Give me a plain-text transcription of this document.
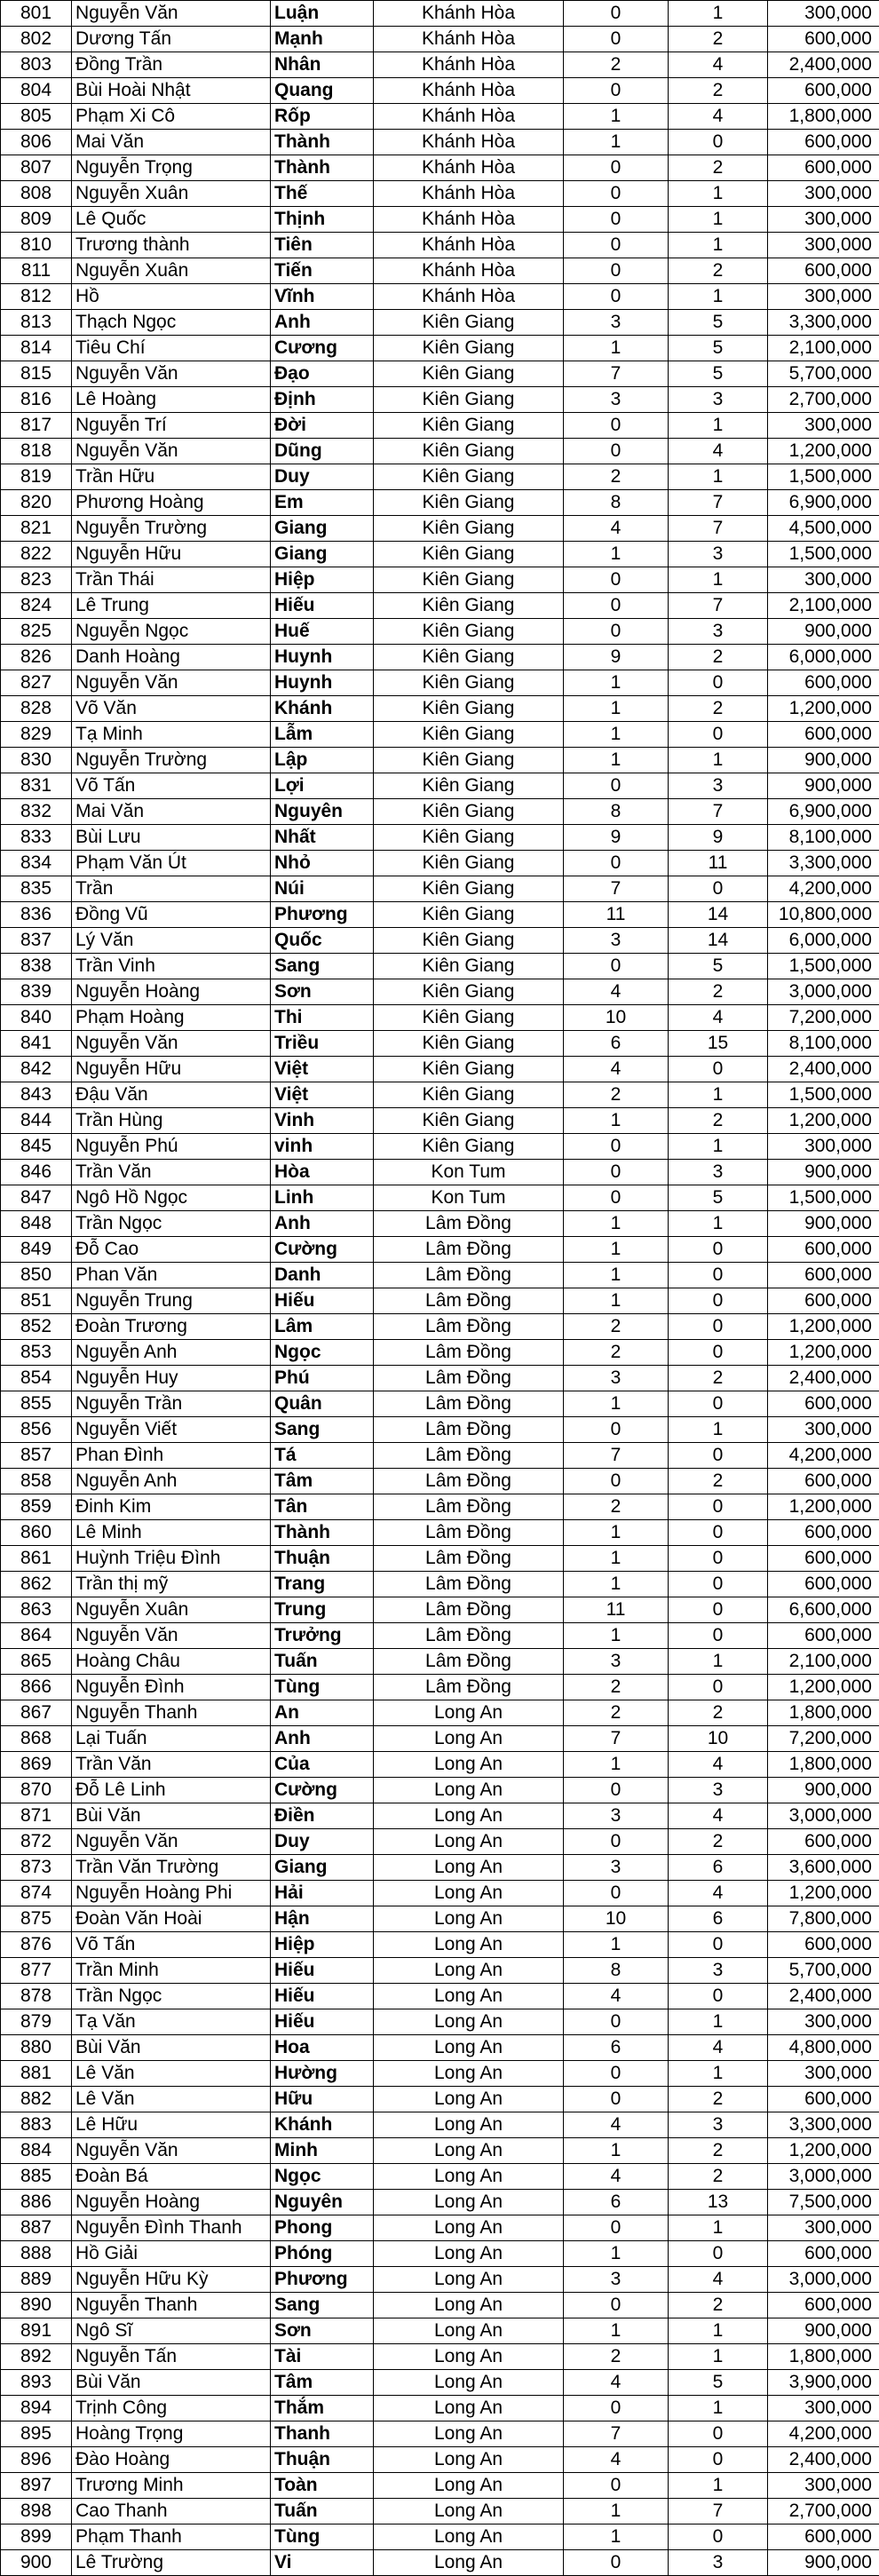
801	Nguyễn Văn	Luận	Khánh Hòa	0	1	300,000
802	Dương Tấn	Mạnh	Khánh Hòa	0	2	600,000
803	Đồng Trần	Nhân	Khánh Hòa	2	4	2,400,000
804	Bùi Hoài Nhật	Quang	Khánh Hòa	0	2	600,000
805	Phạm Xi Cô	Rốp	Khánh Hòa	1	4	1,800,000
806	Mai Văn	Thành	Khánh Hòa	1	0	600,000
807	Nguyễn Trọng	Thành	Khánh Hòa	0	2	600,000
808	Nguyễn Xuân	Thế	Khánh Hòa	0	1	300,000
809	Lê Quốc	Thịnh	Khánh Hòa	0	1	300,000
810	Trương thành	Tiên	Khánh Hòa	0	1	300,000
811	Nguyễn Xuân	Tiến	Khánh Hòa	0	2	600,000
812	Hồ	Vĩnh	Khánh Hòa	0	1	300,000
813	Thạch Ngọc	Anh	Kiên Giang	3	5	3,300,000
814	Tiêu Chí	Cương	Kiên Giang	1	5	2,100,000
815	Nguyễn Văn	Đạo	Kiên Giang	7	5	5,700,000
816	Lê Hoàng	Định	Kiên Giang	3	3	2,700,000
817	Nguyễn Trí	Đời	Kiên Giang	0	1	300,000
818	Nguyễn Văn	Dũng	Kiên Giang	0	4	1,200,000
819	Trần Hữu	Duy	Kiên Giang	2	1	1,500,000
820	Phương Hoàng	Em	Kiên Giang	8	7	6,900,000
821	Nguyễn Trường	Giang	Kiên Giang	4	7	4,500,000
822	Nguyễn Hữu	Giang	Kiên Giang	1	3	1,500,000
823	Trần Thái	Hiệp	Kiên Giang	0	1	300,000
824	Lê Trung	Hiếu	Kiên Giang	0	7	2,100,000
825	Nguyễn Ngọc	Huế	Kiên Giang	0	3	900,000
826	Danh Hoàng	Huynh	Kiên Giang	9	2	6,000,000
827	Nguyễn Văn	Huynh	Kiên Giang	1	0	600,000
828	Võ Văn	Khánh	Kiên Giang	1	2	1,200,000
829	Tạ Minh	Lẫm	Kiên Giang	1	0	600,000
830	Nguyễn Trường	Lập	Kiên Giang	1	1	900,000
831	Võ Tấn	Lợi	Kiên Giang	0	3	900,000
832	Mai Văn	Nguyên	Kiên Giang	8	7	6,900,000
833	Bùi Lưu	Nhất	Kiên Giang	9	9	8,100,000
834	Phạm Văn Út	Nhỏ	Kiên Giang	0	11	3,300,000
835	Trần	Núi	Kiên Giang	7	0	4,200,000
836	Đồng Vũ	Phương	Kiên Giang	11	14	10,800,000
837	Lý Văn	Quốc	Kiên Giang	3	14	6,000,000
838	Trần Vinh	Sang	Kiên Giang	0	5	1,500,000
839	Nguyễn Hoàng	Sơn	Kiên Giang	4	2	3,000,000
840	Phạm Hoàng	Thi	Kiên Giang	10	4	7,200,000
841	Nguyễn Văn	Triều	Kiên Giang	6	15	8,100,000
842	Nguyễn Hữu	Việt	Kiên Giang	4	0	2,400,000
843	Đậu Văn	Việt	Kiên Giang	2	1	1,500,000
844	Trần Hùng	Vinh	Kiên Giang	1	2	1,200,000
845	Nguyễn Phú	vinh	Kiên Giang	0	1	300,000
846	Trần Văn	Hòa	Kon Tum	0	3	900,000
847	Ngô Hồ Ngọc	Linh	Kon Tum	0	5	1,500,000
848	Trần Ngọc	Anh	Lâm Đồng	1	1	900,000
849	Đỗ Cao	Cường	Lâm Đồng	1	0	600,000
850	Phan Văn	Danh	Lâm Đồng	1	0	600,000
851	Nguyễn Trung	Hiếu	Lâm Đồng	1	0	600,000
852	Đoàn Trương	Lâm	Lâm Đồng	2	0	1,200,000
853	Nguyễn Anh	Ngọc	Lâm Đồng	2	0	1,200,000
854	Nguyễn Huy	Phú	Lâm Đồng	3	2	2,400,000
855	Nguyễn Trần	Quân	Lâm Đồng	1	0	600,000
856	Nguyễn Viết	Sang	Lâm Đồng	0	1	300,000
857	Phan Đình	Tá	Lâm Đồng	7	0	4,200,000
858	Nguyễn Anh	Tâm	Lâm Đồng	0	2	600,000
859	Đinh Kim	Tân	Lâm Đồng	2	0	1,200,000
860	Lê Minh	Thành	Lâm Đồng	1	0	600,000
861	Huỳnh Triệu Đình	Thuận	Lâm Đồng	1	0	600,000
862	Trần thị mỹ	Trang	Lâm Đồng	1	0	600,000
863	Nguyễn Xuân	Trung	Lâm Đồng	11	0	6,600,000
864	Nguyễn Văn	Trưởng	Lâm Đồng	1	0	600,000
865	Hoàng Châu	Tuấn	Lâm Đồng	3	1	2,100,000
866	Nguyễn Đình	Tùng	Lâm Đồng	2	0	1,200,000
867	Nguyễn Thanh	An	Long An	2	2	1,800,000
868	Lại Tuấn	Anh	Long An	7	10	7,200,000
869	Trần Văn	Của	Long An	1	4	1,800,000
870	Đỗ Lê Linh	Cường	Long An	0	3	900,000
871	Bùi Văn	Điền	Long An	3	4	3,000,000
872	Nguyễn Văn	Duy	Long An	0	2	600,000
873	Trần Văn Trường	Giang	Long An	3	6	3,600,000
874	Nguyễn Hoàng Phi	Hải	Long An	0	4	1,200,000
875	Đoàn Văn Hoài	Hận	Long An	10	6	7,800,000
876	Võ Tấn	Hiệp	Long An	1	0	600,000
877	Trần Minh	Hiếu	Long An	8	3	5,700,000
878	Trần Ngọc	Hiếu	Long An	4	0	2,400,000
879	Tạ Văn	Hiếu	Long An	0	1	300,000
880	Bùi Văn	Hoa	Long An	6	4	4,800,000
881	Lê Văn	Hường	Long An	0	1	300,000
882	Lê Văn	Hữu	Long An	0	2	600,000
883	Lê Hữu	Khánh	Long An	4	3	3,300,000
884	Nguyễn Văn	Minh	Long An	1	2	1,200,000
885	Đoàn Bá	Ngọc	Long An	4	2	3,000,000
886	Nguyễn Hoàng	Nguyên	Long An	6	13	7,500,000
887	Nguyễn Đình Thanh	Phong	Long An	0	1	300,000
888	Hồ Giải	Phóng	Long An	1	0	600,000
889	Nguyễn Hữu Kỳ	Phương	Long An	3	4	3,000,000
890	Nguyễn Thanh	Sang	Long An	0	2	600,000
891	Ngô Sĩ	Sơn	Long An	1	1	900,000
892	Nguyễn Tấn	Tài	Long An	2	1	1,800,000
893	Bùi Văn	Tâm	Long An	4	5	3,900,000
894	Trịnh Công	Thắm	Long An	0	1	300,000
895	Hoàng Trọng	Thanh	Long An	7	0	4,200,000
896	Đào Hoàng	Thuận	Long An	4	0	2,400,000
897	Trương Minh	Toàn	Long An	0	1	300,000
898	Cao Thanh	Tuấn	Long An	1	7	2,700,000
899	Phạm Thanh	Tùng	Long An	1	0	600,000
900	Lê Trường	Vi	Long An	0	3	900,000
